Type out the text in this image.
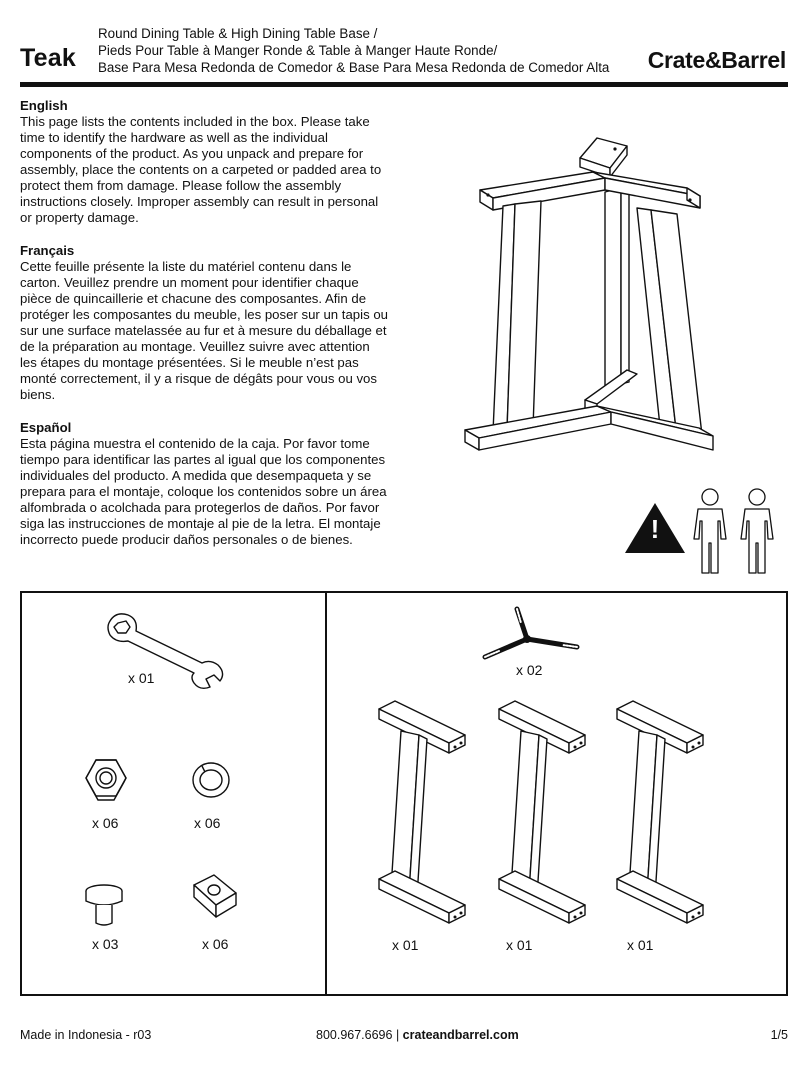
Teak
Round Dining Table & High Dining Table Base /
Pieds Pour Table à Manger Ronde & Table à Manger Haute Ronde/
Base Para Mesa Redonda de Comedor & Base Para Mesa Redonda de Comedor Alta Crate&Barrel
English

This page lists the contents included in the box. Please take time to identify the hardware as well as the individual components of the product. As you unpack and prepare for assembly, place the contents on a carpeted or padded area to protect them from damage. Please follow the assembly instructions closely. Improper assembly can result in personal or property damage.

Français

Cette feuille présente la liste du matériel contenu dans le carton. Veuillez prendre un moment pour identifier chaque pièce de quincaillerie et chacune des composantes. Afin de protéger les composantes du meuble, les poser sur un tapis ou sur une surface matelassée au fur et à mesure du déballage et de la préparation au montage. Veuillez suivre avec attention les étapes du montage présentées. Si le meuble n’est pas monté correctement, il y a risque de dégâts pour vous ou vos biens.

Español

Esta página muestra el contenido de la caja. Por favor tome tiempo para identificar las partes al igual que los componentes individuales del producto. A medida que desempaqueta y se prepara para el montaje, coloque los contenidos sobre un área alfombrada o acolchada para protegerlos de daños. Por favor siga las instrucciones de montaje al pie de la letra. El montaje incorrecto puede producir daños personales o de bienes.	!
x 01
x 06	x 06
x 03	x 06
x 02
x 01	x 01	x 01
Made in Indonesia - r03	800.967.6696 | crateandbarrel.com	1/5
